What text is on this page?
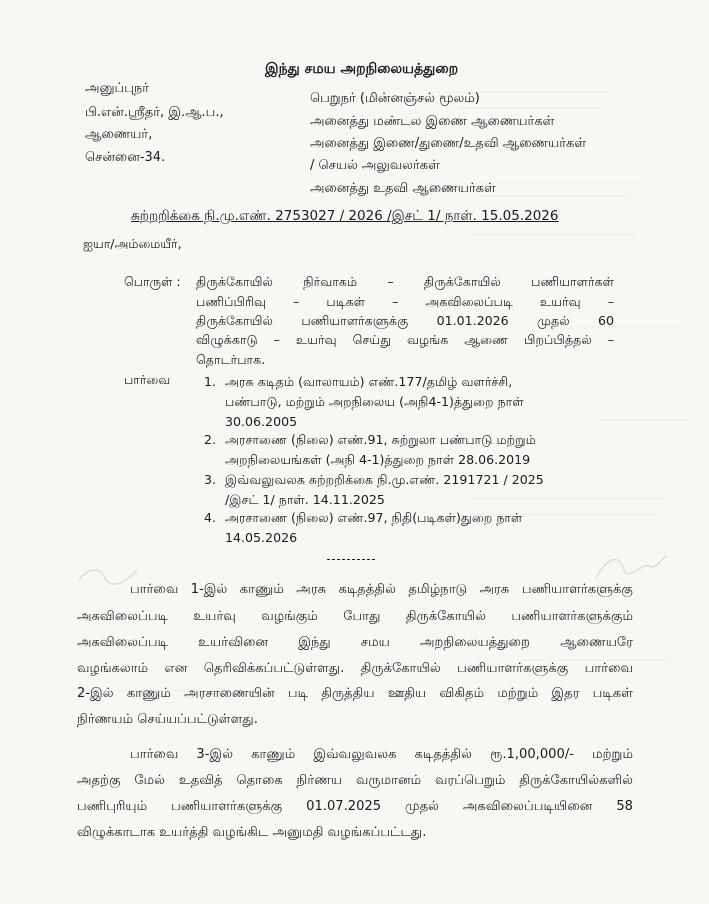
இந்து சமய அறநிலையத்துறை
அனுப்புநர்
பி.என்.ஸ்ரீதர், இ.ஆ.ப.,
ஆணையர்,
சென்னை-34.
பெறுநர் (மின்னஞ்சல் மூலம்)
அனைத்து மண்டல இணை ஆணையர்கள்
அனைத்து இணை/துணை/உதவி ஆணையர்கள்
/ செயல் அலுவலர்கள்
அனைத்து உதவி ஆணையர்கள்
சுற்றறிக்கை நி.மு.எண். 2753027 / 2026 /இசட் 1/ நாள். 15.05.2026
ஐயா/அம்மையீர்,
பொருள் : திருக்கோயில் நிர்வாகம் – திருக்கோயில் பணியாளர்கள்
பணிப்பிரிவு – படிகள் – அகவிலைப்படி உயர்வு –
திருக்கோயில் பணியாளர்களுக்கு 01.01.2026 முதல் 60
விழுக்காடு – உயர்வு செய்து வழங்க ஆணை பிறப்பித்தல் –
தொடர்பாக.
பார்வை	1. அரசு கடிதம் (வாலாயம்) எண்.177/தமிழ் வளர்ச்சி,
பண்பாடு, மற்றும் அறநிலைய (அநி4-1)த்துறை நாள்
30.06.2005
2. அரசாணை (நிலை) எண்.91, சுற்றுலா பண்பாடு மற்றும்
அறநிலையங்கள் (அநி 4-1)த்துறை நாள் 28.06.2019
3. இவ்வலுவலக சுற்றறிக்கை நி.மு.எண். 2191721 / 2025
/இசட் 1/ நாள். 14.11.2025
4. அரசாணை (நிலை) எண்.97, நிதி(படிகள்)துறை நாள்
14.05.2026
பார்வை 1-இல் காணும் அரசு கடிதத்தில் தமிழ்நாடு அரசு பணியாளர்களுக்கு
அகவிலைப்படி உயர்வு வழங்கும் போது திருக்கோயில் பணியாளர்களுக்கும்
அகவிலைப்படி உயர்வினை இந்து சமய அறநிலையத்துறை ஆணையரே
வழங்கலாம் என தெரிவிக்கப்பட்டுள்ளது. திருக்கோயில் பணியாளர்களுக்கு பார்வை
2-இல் காணும் அரசாணையின் படி திருத்திய ஊதிய விகிதம் மற்றும் இதர படிகள்
நிர்ணயம் செய்யப்பட்டுள்ளது.
பார்வை 3-இல் காணும் இவ்வலுவலக கடிதத்தில் ரூ.1,00,000/- மற்றும்
அதற்கு மேல் உதவித் தொகை நிர்ணய வருமானம் வரப்பெறும் திருக்கோயில்களில்
பணிபுரியும் பணியாளர்களுக்கு 01.07.2025 முதல் அகவிலைப்படியினை 58
விழுக்காடாக உயர்த்தி வழங்கிட அனுமதி வழங்கப்பட்டது.
